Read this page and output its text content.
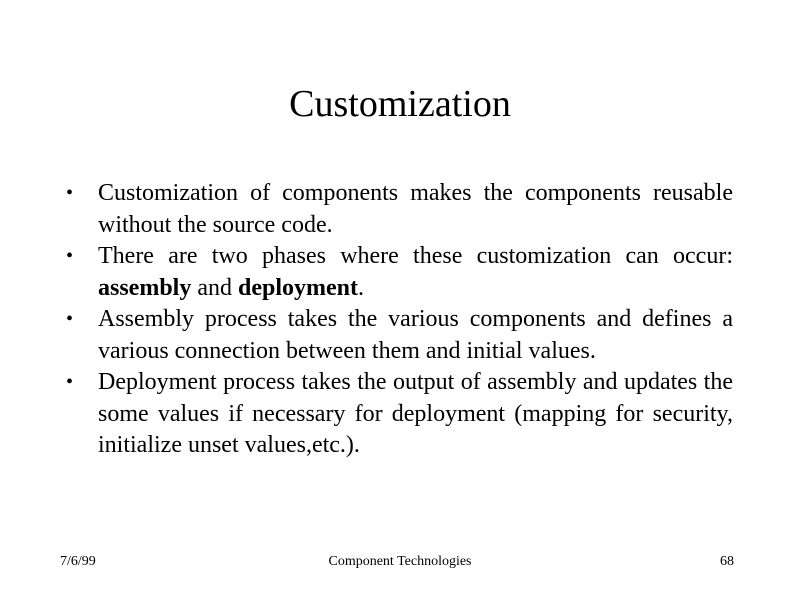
Customization
•	Customization of components makes the components reusable without the source code.
•	There are two phases where these customization can occur: assembly and deployment.
•	Assembly process takes the various components and defines a various connection between them and initial values.
•	Deployment process takes the output of assembly and updates the some values if necessary for deployment (mapping for security, initialize unset values,etc.).
7/6/99	Component Technologies	68
